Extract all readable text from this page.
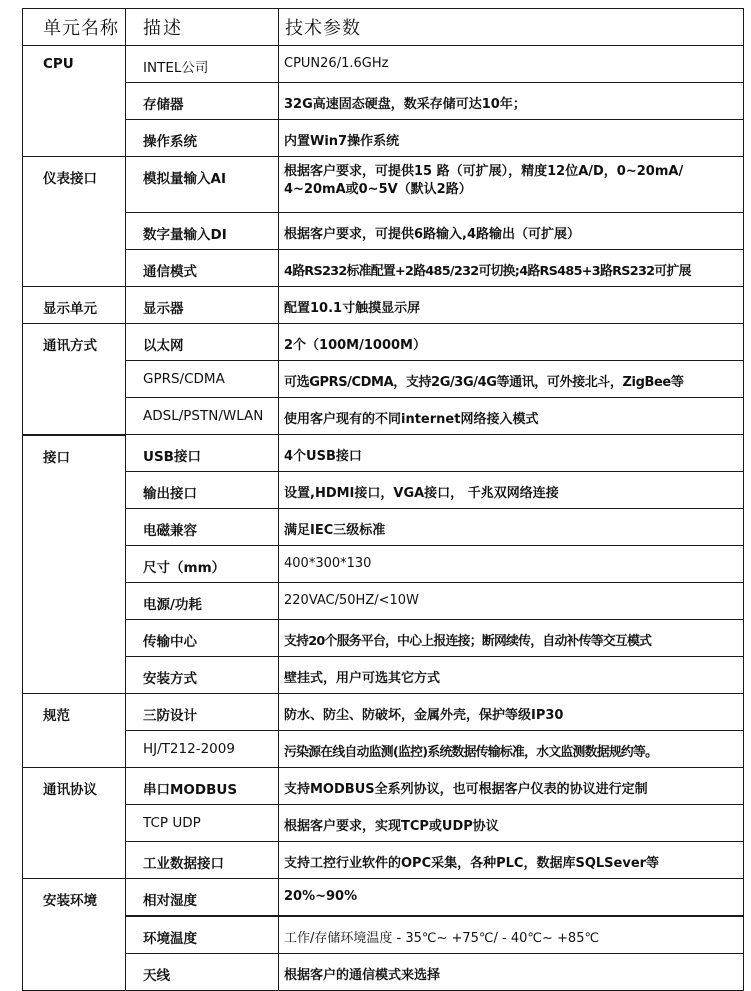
单元名称	描述	技术参数
CPU	INTEL公司	CPUN26/1.6GHz
	存储器	32G高速固态硬盘，数采存储可达10年；
	操作系统	内置Win7操作系统
仪表接口	模拟量输入AI	根据客户要求，可提供15 路（可扩展），精度12位A/D，0~20mA/ 4~20mA或0~5V（默认2路）
	数字量输入DI	根据客户要求，可提供6路输入,4路输出（可扩展）
	通信模式	4路RS232标准配置+2路485/232可切换;4路RS485+3路RS232可扩展
显示单元	显示器	配置10.1寸触摸显示屏
通讯方式	以太网	2个（100M/1000M）
	GPRS/CDMA	可选GPRS/CDMA，支持2G/3G/4G等通讯，可外接北斗，ZigBee等
	ADSL/PSTN/WLAN	使用客户现有的不同internet网络接入模式
接口	USB接口	4个USB接口
	输出接口	设置,HDMI接口，VGA接口， 千兆双网络连接
	电磁兼容	满足IEC三级标准
	尺寸（mm）	400*300*130
	电源/功耗	220VAC/50HZ/<10W
	传输中心	支持20个服务平台，中心上报连接；断网续传，自动补传等交互模式
	安装方式	壁挂式，用户可选其它方式
规范	三防设计	防水、防尘、防破坏，金属外壳，保护等级IP30
	HJ/T212-2009	污染源在线自动监测(监控)系统数据传输标准，水文监测数据规约等。
通讯协议	串口MODBUS	支持MODBUS全系列协议，也可根据客户仪表的协议进行定制
	TCP UDP	根据客户要求，实现TCP或UDP协议
	工业数据接口	支持工控行业软件的OPC采集，各种PLC，数据库SQLSever等
安装环境	相对湿度	20%~90%
	环境温度	工作/存储环境温度 - 35℃~ +75℃/ - 40℃~ +85℃
	天线	根据客户的通信模式来选择
